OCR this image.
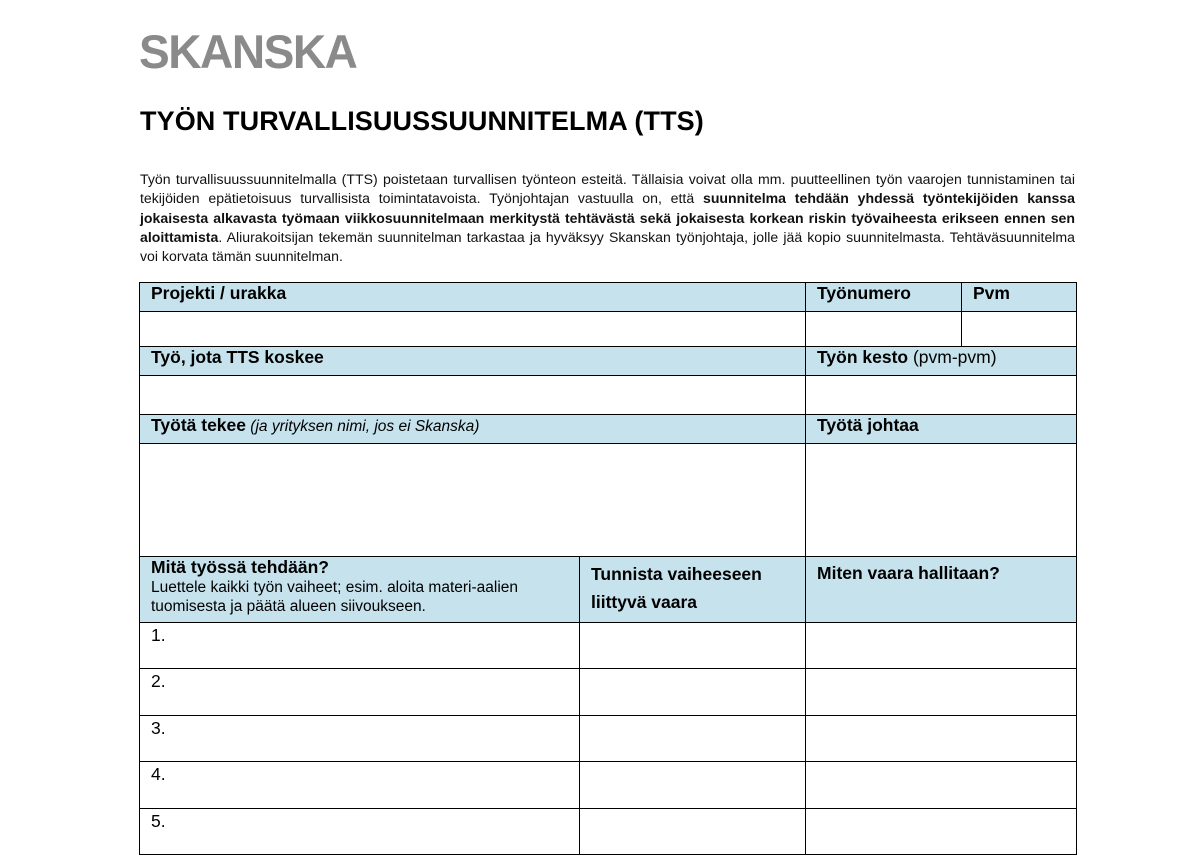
SKANSKA
TYÖN TURVALLISUUSSUUNNITELMA (TTS)
Työn turvallisuussuunnitelmalla (TTS) poistetaan turvallisen työnteon esteitä. Tällaisia voivat olla mm. puutteellinen työn vaarojen tunnistaminen tai tekijöiden epätietoisuus turvallisista toimintatavoista. Työnjohtajan vastuulla on, että suunnitelma tehdään yhdessä työntekijöiden kanssa jokaisesta alkavasta työmaan viikkosuunnitelmaan merkitystä tehtävästä sekä jokaisesta korkean riskin työvaiheesta erikseen ennen sen aloittamista. Aliurakoitsijan tekemän suunnitelman tarkastaa ja hyväksyy Skanskan työnjohtaja, jolle jää kopio suunnitelmasta. Tehtäväsuunnitelma voi korvata tämän suunnitelman.
Projekti / urakka		Työnumero	Pvm

Työ, jota TTS koskee		Työn kesto (pvm-pvm)	

Työtä tekee (ja yrityksen nimi, jos ei Skanska)		Työtä johtaa	

Mitä työssä tehdään?
Luettele kaikki työn vaiheet; esim. aloita materi-aalien tuomisesta ja päätä alueen siivoukseen.	Tunnista vaiheeseen liittyvä vaara	Miten vaara hallitaan?	
1.			
2.			
3.			
4.			
5.			
